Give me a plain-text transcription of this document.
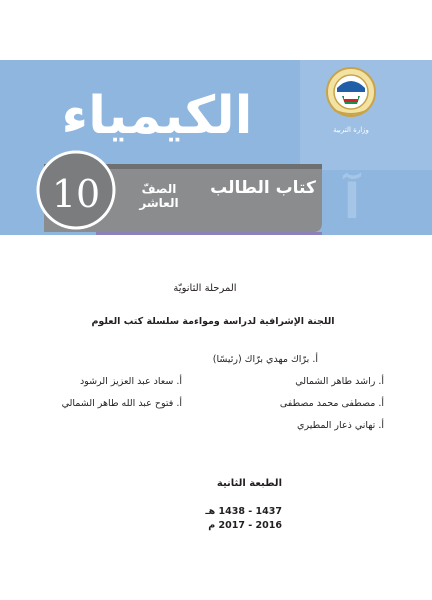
آ
وزارة التربية
الكيمياء
10	الصفّ العاشر
كتاب الطالب
الجزء الأوّل
المرحلة الثانويّة
اللجنة الإشرافية لدراسة ومواءمة سلسلة كتب العلوم
أ. برّاك مهدي برّاك (رئيسًا)
أ. راشد طاهر الشمالي
أ. سعاد عبد العزيز الرشود
أ. مصطفى محمد مصطفى
أ. فتوح عبد الله طاهر الشمالي
أ. تهاني ذعار المطيري
الطبعة الثانية
1437 - 1438 هـ
2016 - 2017 م
